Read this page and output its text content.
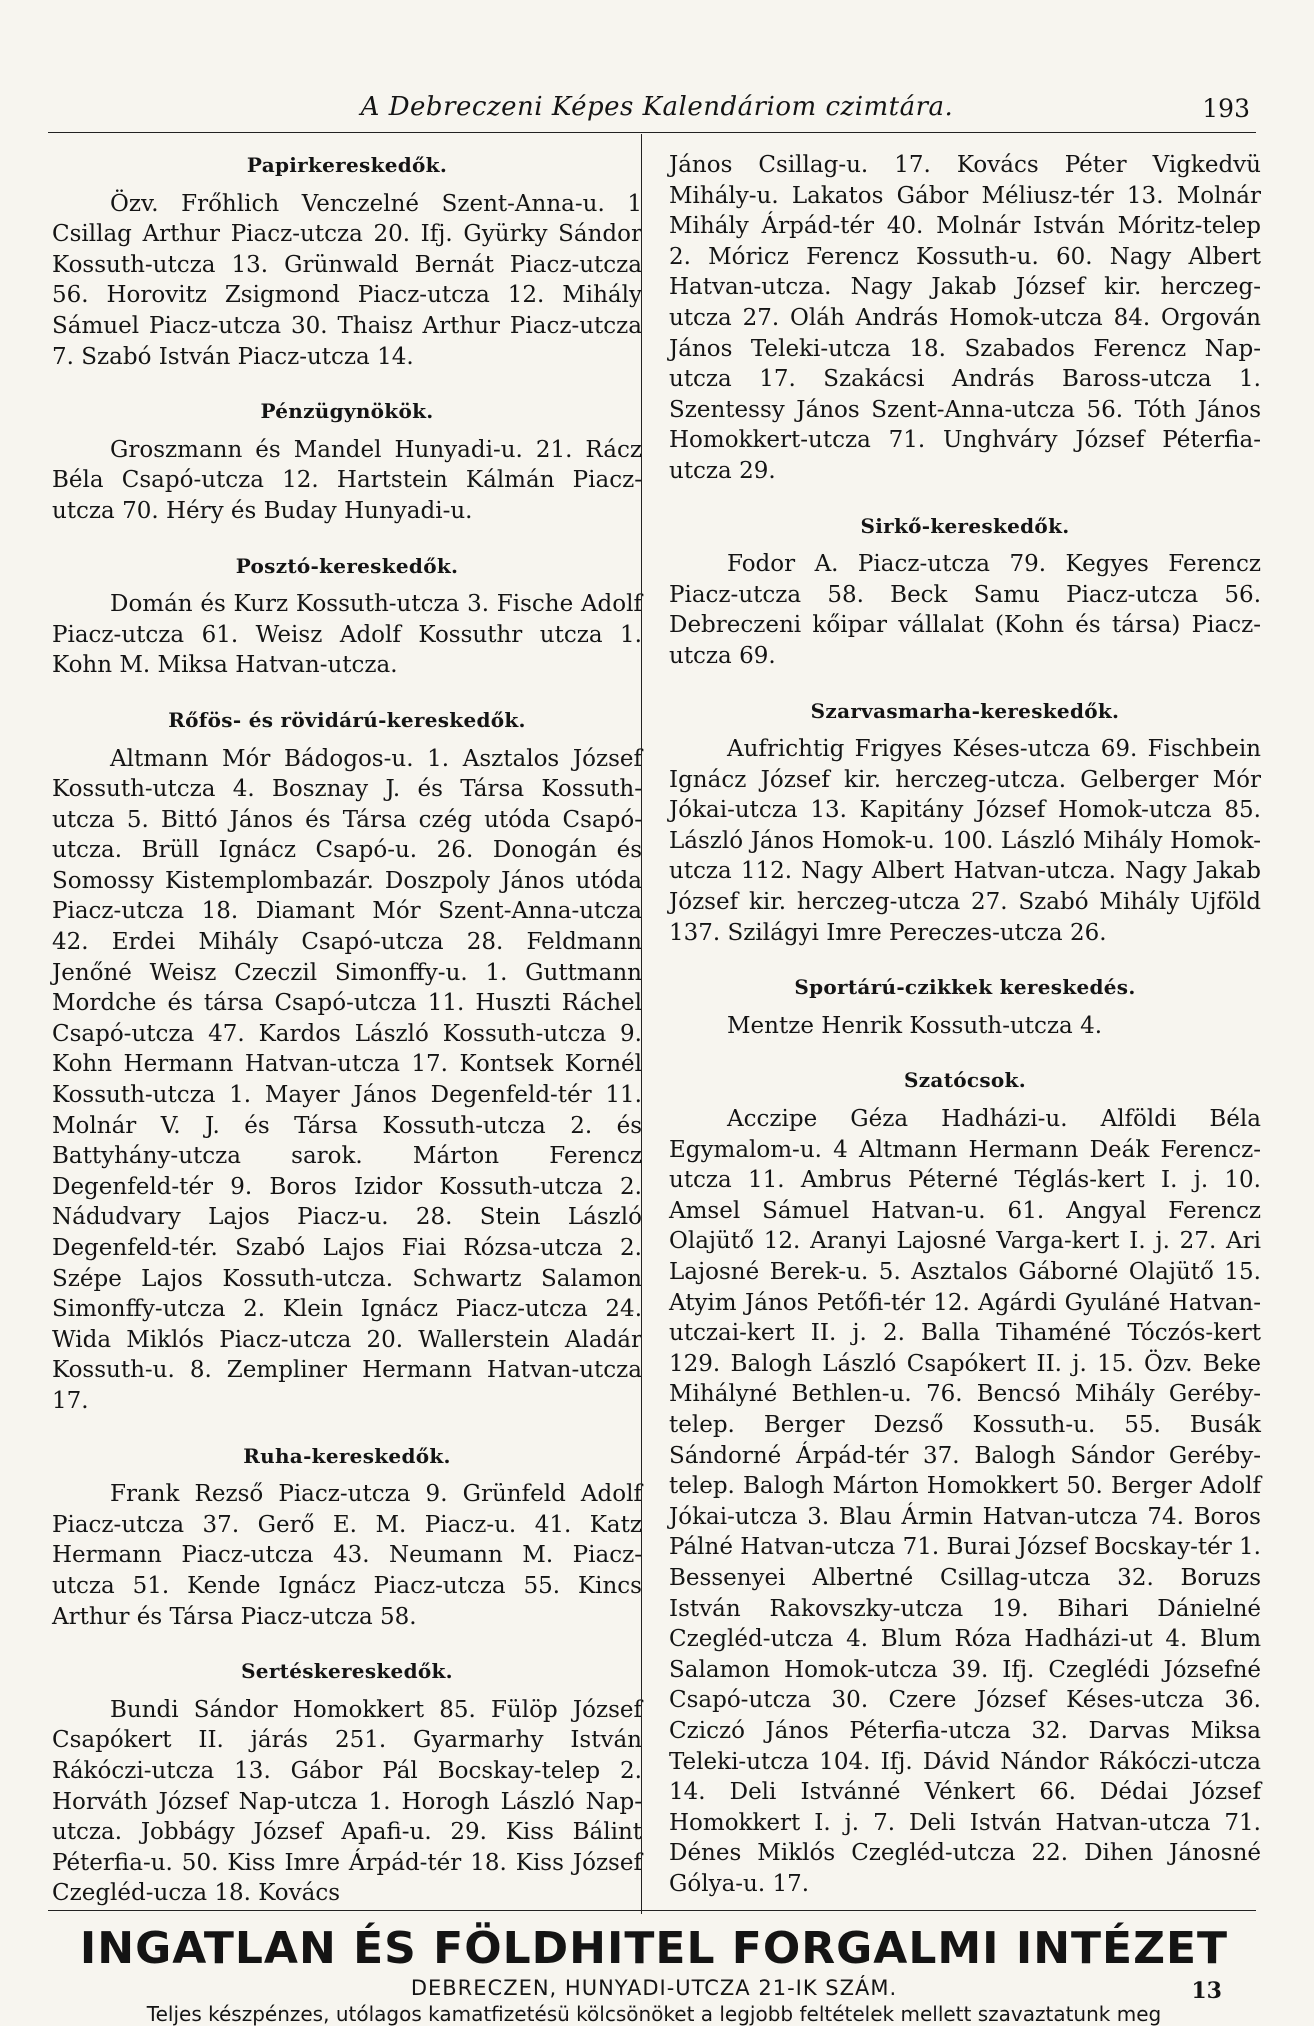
A Debreczeni Képes Kalendáriom czimtára.	193
Papirkereskedők.

Özv. Frőhlich Venczelné Szent-Anna-u. 1 Csillag Arthur Piacz-utcza 20. Ifj. Gyürky Sándor Kossuth-utcza 13. Grünwald Bernát Piacz-utcza 56. Horovitz Zsigmond Piacz-utcza 12. Mihály Sámuel Piacz-utcza 30. Thaisz Arthur Piacz-utcza 7. Szabó István Piacz-utcza 14.

Pénzügynökök.

Groszmann és Mandel Hunyadi-u. 21. Rácz Béla Csapó-utcza 12. Hartstein Kálmán Piacz-utcza 70. Héry és Buday Hunyadi-u.

Posztó-kereskedők.

Domán és Kurz Kossuth-utcza 3. Fische Adolf Piacz-utcza 61. Weisz Adolf Kossuthr utcza 1. Kohn M. Miksa Hatvan-utcza.

Rőfös- és rövidárú-kereskedők.

Altmann Mór Bádogos-u. 1. Asztalos József Kossuth-utcza 4. Bosznay J. és Társa Kossuth-utcza 5. Bittó János és Társa czég utóda Csapó-utcza. Brüll Ignácz Csapó-u. 26. Donogán és Somossy Kistemplombazár. Doszpoly János utóda Piacz-utcza 18. Diamant Mór Szent-Anna-utcza 42. Erdei Mihály Csapó-utcza 28. Feldmann Jenőné Weisz Czeczil Simonffy-u. 1. Guttmann Mordche és társa Csapó-utcza 11. Huszti Ráchel Csapó-utcza 47. Kardos László Kossuth-utcza 9. Kohn Hermann Hatvan-utcza 17. Kontsek Kornél Kossuth-utcza 1. Mayer János Degenfeld-tér 11. Molnár V. J. és Társa Kossuth-utcza 2. és Battyhány-utcza sarok. Márton Ferencz Degenfeld-tér 9. Boros Izidor Kossuth-utcza 2. Nádudvary Lajos Piacz-u. 28. Stein László Degenfeld-tér. Szabó Lajos Fiai Rózsa-utcza 2. Szépe Lajos Kossuth-utcza. Schwartz Salamon Simonffy-utcza 2. Klein Ignácz Piacz-utcza 24. Wida Miklós Piacz-utcza 20. Wallerstein Aladár Kossuth-u. 8. Zempliner Hermann Hatvan-utcza 17.

Ruha-kereskedők.

Frank Rezső Piacz-utcza 9. Grünfeld Adolf Piacz-utcza 37. Gerő E. M. Piacz-u. 41. Katz Hermann Piacz-utcza 43. Neumann M. Piacz-utcza 51. Kende Ignácz Piacz-utcza 55. Kincs Arthur és Társa Piacz-utcza 58.

Sertéskereskedők.

Bundi Sándor Homokkert 85. Fülöp József Csapókert II. járás 251. Gyarmarhy István Rákóczi-utcza 13. Gábor Pál Bocskay-telep 2. Horváth József Nap-utcza 1. Horogh László Nap-utcza. Jobbágy József Apafi-u. 29. Kiss Bálint Péterfia-u. 50. Kiss Imre Árpád-tér 18. Kiss József Czegléd-ucza 18. Kovács

János Csillag-u. 17. Kovács Péter Vigkedvü Mihály-u. Lakatos Gábor Méliusz-tér 13. Molnár Mihály Árpád-tér 40. Molnár István Móritz-telep 2. Móricz Ferencz Kossuth-u. 60. Nagy Albert Hatvan-utcza. Nagy Jakab József kir. herczeg-utcza 27. Oláh András Homok-utcza 84. Orgován János Teleki-utcza 18. Szabados Ferencz Nap-utcza 17. Szakácsi András Baross-utcza 1. Szentessy János Szent-Anna-utcza 56. Tóth János Homokkert-utcza 71. Unghváry József Péterfia-utcza 29.

Sirkő-kereskedők.

Fodor A. Piacz-utcza 79. Kegyes Ferencz Piacz-utcza 58. Beck Samu Piacz-utcza 56. Debreczeni kőipar vállalat (Kohn és társa) Piacz-utcza 69.

Szarvasmarha-kereskedők.

Aufrichtig Frigyes Késes-utcza 69. Fischbein Ignácz József kir. herczeg-utcza. Gelberger Mór Jókai-utcza 13. Kapitány József Homok-utcza 85. László János Homok-u. 100. László Mihály Homok-utcza 112. Nagy Albert Hatvan-utcza. Nagy Jakab József kir. herczeg-utcza 27. Szabó Mihály Ujföld 137. Szilágyi Imre Pereczes-utcza 26.

Sportárú-czikkek kereskedés.

Mentze Henrik Kossuth-utcza 4.

Szatócsok.

Acczipe Géza Hadházi-u. Alföldi Béla Egymalom-u. 4 Altmann Hermann Deák Ferencz-utcza 11. Ambrus Péterné Téglás-kert I. j. 10. Amsel Sámuel Hatvan-u. 61. Angyal Ferencz Olajütő 12. Aranyi Lajosné Varga-kert I. j. 27. Ari Lajosné Berek-u. 5. Asztalos Gáborné Olajütő 15. Atyim János Petőfi-tér 12. Agárdi Gyuláné Hatvan-utczai-kert II. j. 2. Balla Tihaméné Tóczós-kert 129. Balogh László Csapókert II. j. 15. Özv. Beke Mihályné Bethlen-u. 76. Bencsó Mihály Geréby-telep. Berger Dezső Kossuth-u. 55. Busák Sándorné Árpád-tér 37. Balogh Sándor Geréby-telep. Balogh Márton Homokkert 50. Berger Adolf Jókai-utcza 3. Blau Ármin Hatvan-utcza 74. Boros Pálné Hatvan-utcza 71. Burai József Bocskay-tér 1. Bessenyei Albertné Csillag-utcza 32. Boruzs István Rakovszky-utcza 19. Bihari Dánielné Czegléd-utcza 4. Blum Róza Hadházi-ut 4. Blum Salamon Homok-utcza 39. Ifj. Czeglédi Józsefné Csapó-utcza 30. Czere József Késes-utcza 36. Cziczó János Péterfia-utcza 32. Darvas Miksa Teleki-utcza 104. Ifj. Dávid Nándor Rákóczi-utcza 14. Deli Istvánné Vénkert 66. Dédai József Homokkert I. j. 7. Deli István Hatvan-utcza 71. Dénes Miklós Czegléd-utcza 22. Dihen Jánosné Gólya-u. 17.

INGATLAN ÉS FÖLDHITEL FORGALMI INTÉZET
DEBRECZEN, HUNYADI-UTCZA 21-IK SZÁM.
Teljes készpénzes, utólagos kamatfizetésü kölcsönöket a legjobb feltételek mellett szavaztatunk meg
13
